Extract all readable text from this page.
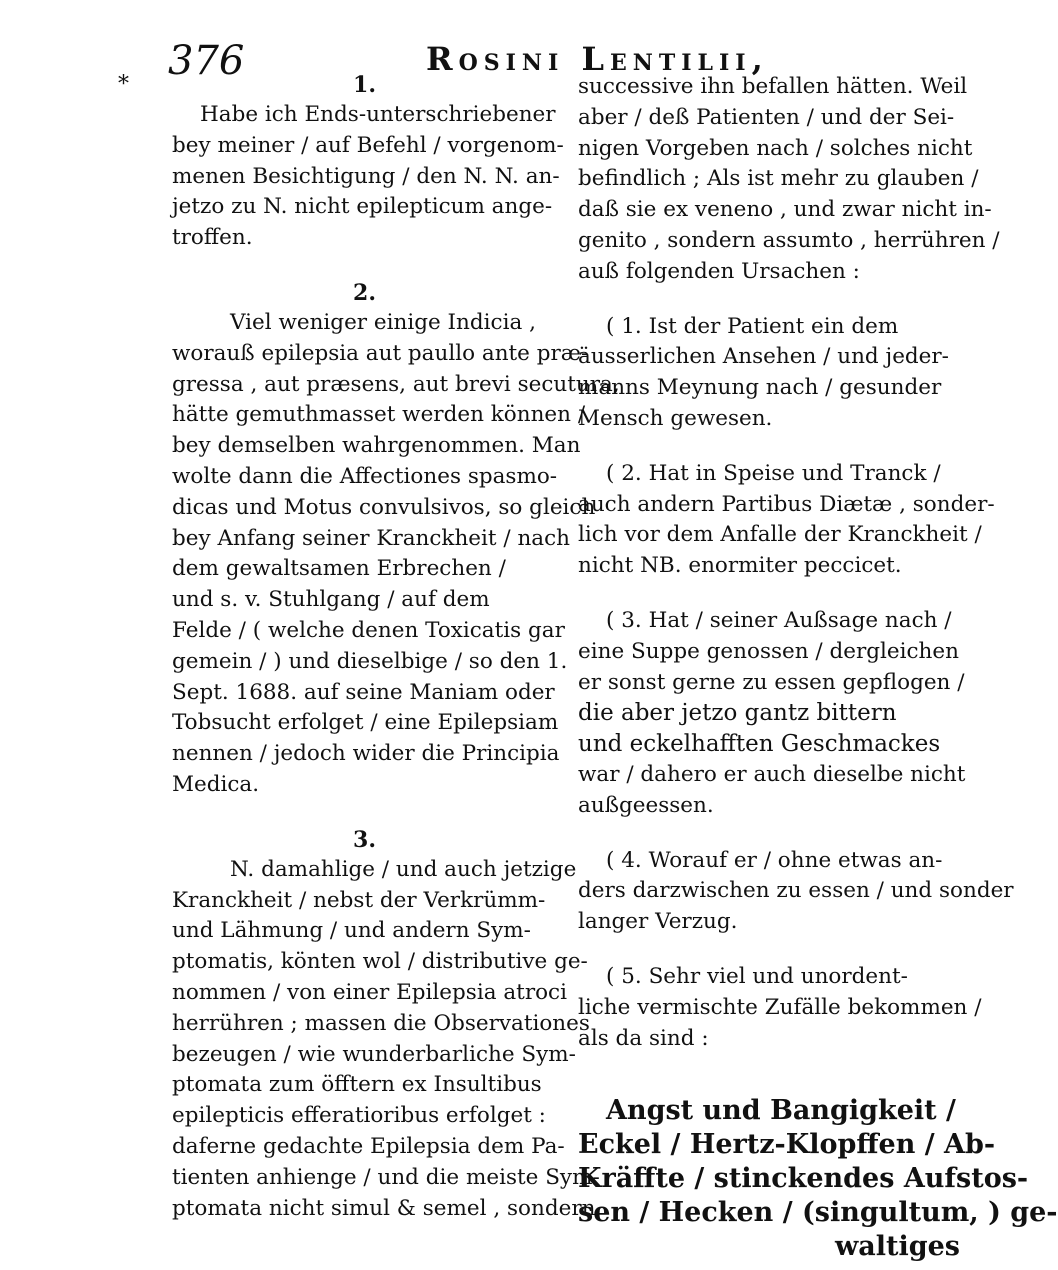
376	Rosini Lentilii,
*	1.
Habe ich Ends-unterschriebener
bey meiner / auf Befehl / vorgenom-
menen Besichtigung / den N. N. an-
jetzo zu N. nicht epilepticum ange-
troffen.
2.
Viel weniger einige Indicia ,
worauß epilepsia aut paullo ante præ-
gressa , aut præsens, aut brevi secutura,
hätte gemuthmasset werden können /
bey demselben wahrgenommen. Man
wolte dann die Affectiones spasmo-
dicas und Motus convulsivos, so gleich
bey Anfang seiner Kranckheit / nach
dem gewaltsamen Erbrechen /
und s. v. Stuhlgang / auf dem
Felde / ( welche denen Toxicatis gar
gemein / ) und dieselbige / so den 1.
Sept. 1688. auf seine Maniam oder
Tobsucht erfolget / eine Epilepsiam
nennen / jedoch wider die Principia
Medica.
3.
N. damahlige / und auch jetzige
Kranckheit / nebst der Verkrümm-
und Lähmung / und andern Sym-
ptomatis, könten wol / distributive ge-
nommen / von einer Epilepsia atroci
herrühren ; massen die Observationes
bezeugen / wie wunderbarliche Sym-
ptomata zum öfftern ex Insultibus
epilepticis efferatioribus erfolget :
daferne gedachte Epilepsia dem Pa-
tienten anhienge / und die meiste Sym-
ptomata nicht simul & semel , sondern
successive ihn befallen hätten. Weil
aber / deß Patienten / und der Sei-
nigen Vorgeben nach / solches nicht
befindlich ; Als ist mehr zu glauben /
daß sie ex veneno , und zwar nicht in-
genito , sondern assumto , herrühren /
auß folgenden Ursachen :
( 1. Ist der Patient ein dem
äusserlichen Ansehen / und jeder-
manns Meynung nach / gesunder
Mensch gewesen.
( 2. Hat in Speise und Tranck /
auch andern Partibus Diætæ , sonder-
lich vor dem Anfalle der Kranckheit /
nicht NB. enormiter peccicet.
( 3. Hat / seiner Außsage nach /
eine Suppe genossen / dergleichen
er sonst gerne zu essen gepflogen /
die aber jetzo gantz bittern
und eckelhafften Geschmackes
war / dahero er auch dieselbe nicht
außgeessen.
( 4. Worauf er / ohne etwas an-
ders darzwischen zu essen / und sonder
langer Verzug.
( 5. Sehr viel und unordent-
liche vermischte Zufälle bekommen /
als da sind :
Angst und Bangigkeit /
Eckel / Hertz-Klopffen / Ab-
Kräffte / stinckendes Aufstos-
sen / Hecken / (singultum, ) ge-
waltiges
